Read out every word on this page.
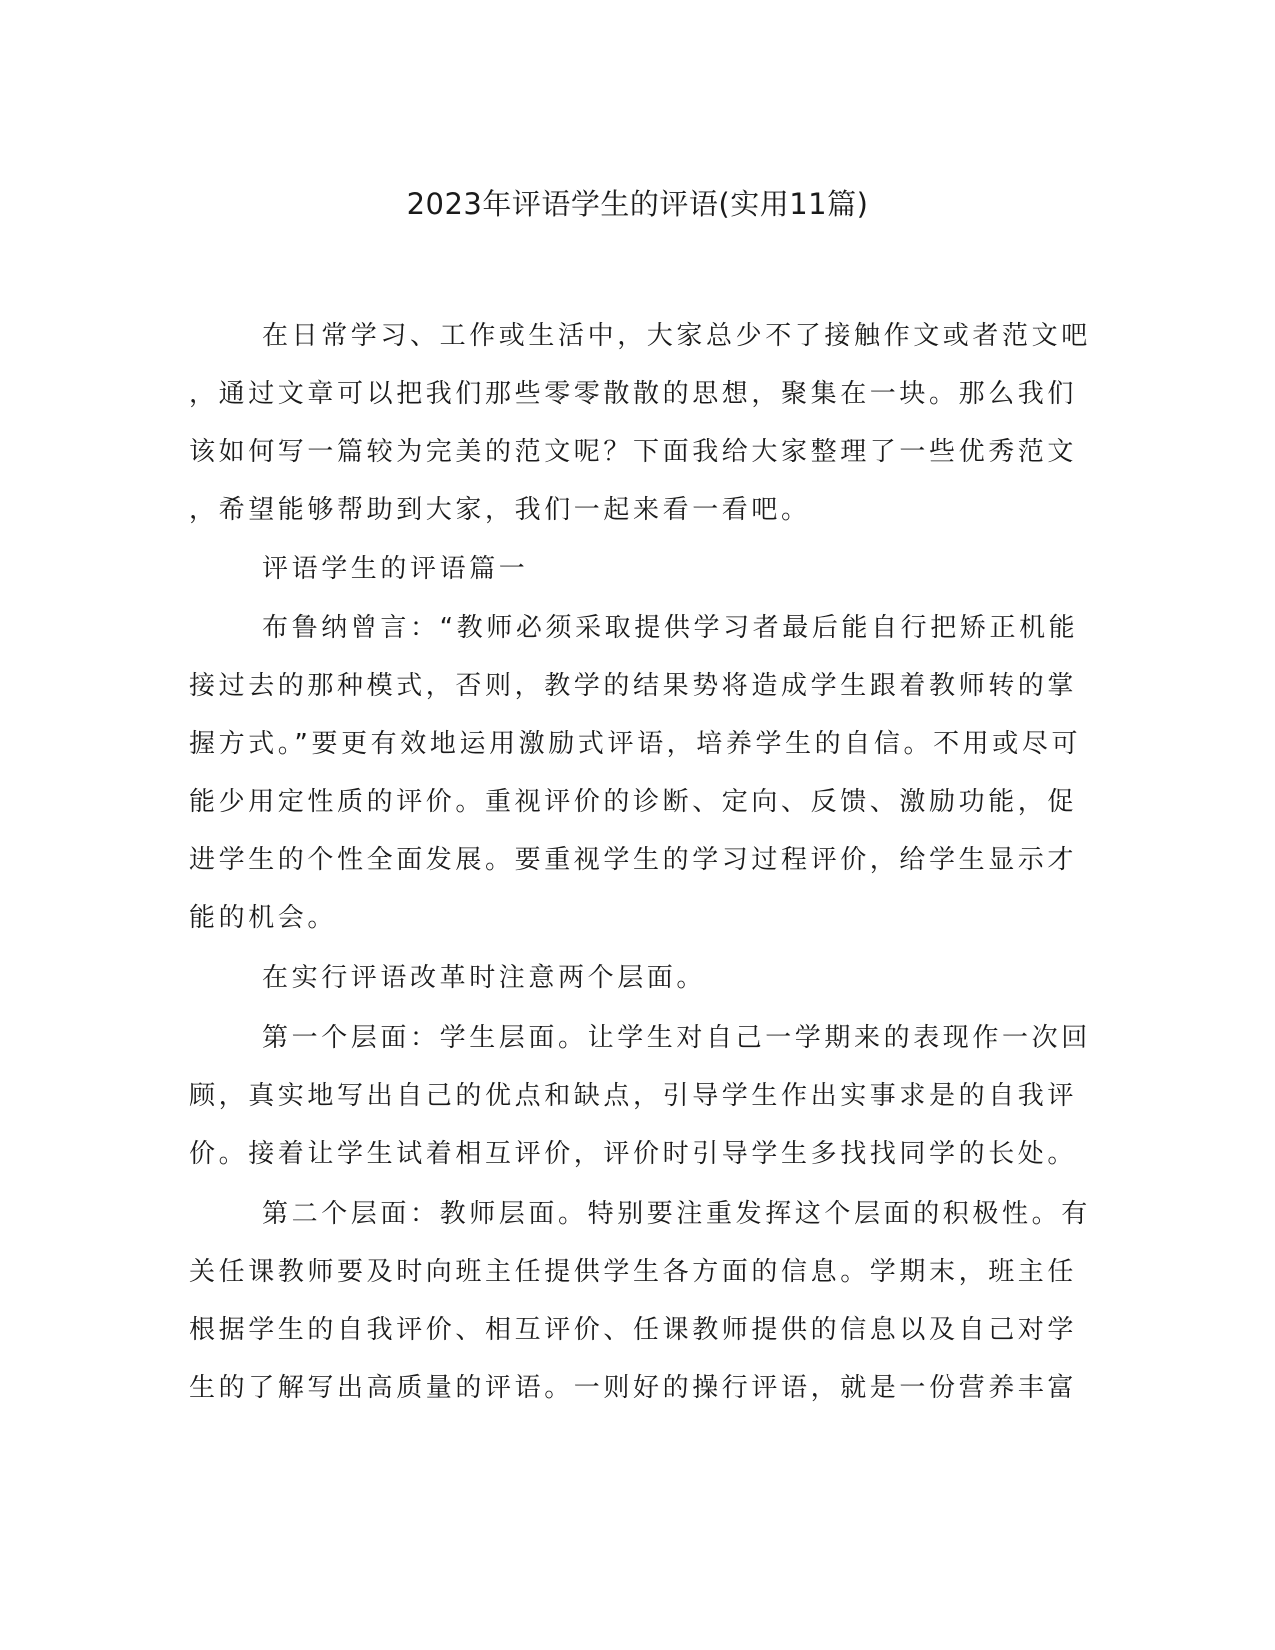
2023年评语学生的评语(实用11篇)
在日常学习、工作或生活中，大家总少不了接触作文或者范文吧
，通过文章可以把我们那些零零散散的思想，聚集在一块。那么我们
该如何写一篇较为完美的范文呢？下面我给大家整理了一些优秀范文
，希望能够帮助到大家，我们一起来看一看吧。
评语学生的评语篇一
布鲁纳曾言：“教师必须采取提供学习者最后能自行把矫正机能
接过去的那种模式，否则，教学的结果势将造成学生跟着教师转的掌
握方式。”要更有效地运用激励式评语，培养学生的自信。不用或尽可
能少用定性质的评价。重视评价的诊断、定向、反馈、激励功能，促
进学生的个性全面发展。要重视学生的学习过程评价，给学生显示才
能的机会。
在实行评语改革时注意两个层面。
第一个层面：学生层面。让学生对自己一学期来的表现作一次回
顾，真实地写出自己的优点和缺点，引导学生作出实事求是的自我评
价。接着让学生试着相互评价，评价时引导学生多找找同学的长处。
第二个层面：教师层面。特别要注重发挥这个层面的积极性。有
关任课教师要及时向班主任提供学生各方面的信息。学期末，班主任
根据学生的自我评价、相互评价、任课教师提供的信息以及自己对学
生的了解写出高质量的评语。一则好的操行评语，就是一份营养丰富
